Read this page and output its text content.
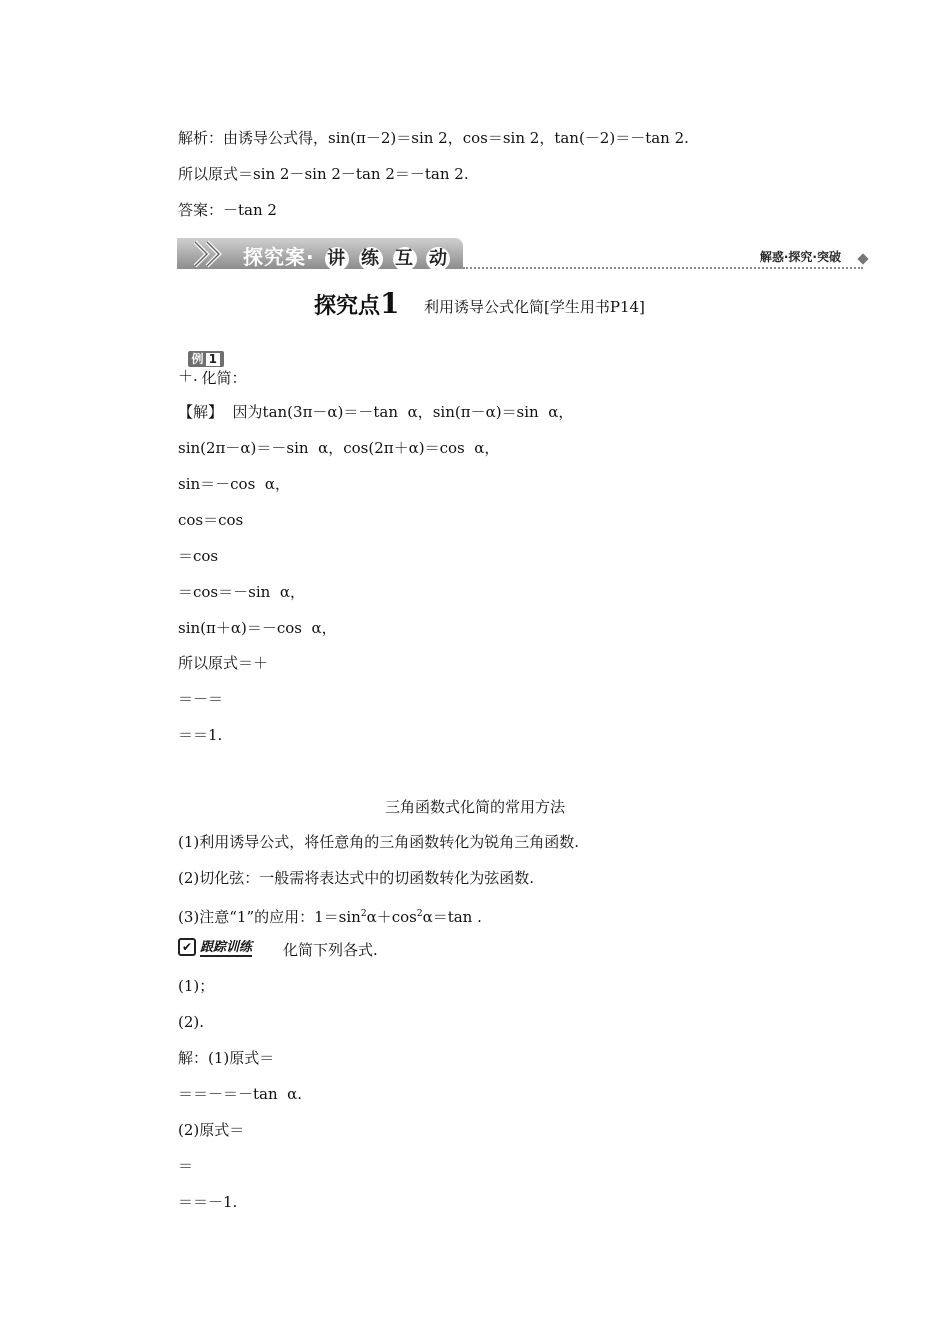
解析：由诱导公式得，sin(π－2)＝sin 2，cos＝sin 2，tan(－2)＝－tan 2.
所以原式＝sin 2－sin 2－tan 2＝－tan 2.
答案：－tan 2
探究案· 讲 练 互 动	解惑·探究·突破
探究点1 利用诱导公式化简[学生用书P14]

例 1
化简：

＋.
【解】  因为tan(3π－α)＝－tan  α，sin(π－α)＝sin  α，
sin(2π－α)＝－sin  α，cos(2π＋α)＝cos  α，
sin＝－cos  α，
cos＝cos
＝cos
＝cos＝－sin  α，
sin(π＋α)＝－cos  α，
所以原式＝＋
＝－＝
＝＝1.
三角函数式化简的常用方法
(1)利用诱导公式，将任意角的三角函数转化为锐角三角函数.
(2)切化弦：一般需将表达式中的切函数转化为弦函数.
(3)注意“1”的应用：$1=\sin^2\alpha+\cos^2\alpha=\tan$ .
✔ 跟踪训练 化简下列各式.
(1)；
(2).
解：(1)原式＝
＝＝－＝－tan  α.
(2)原式＝
＝
＝＝－1.
